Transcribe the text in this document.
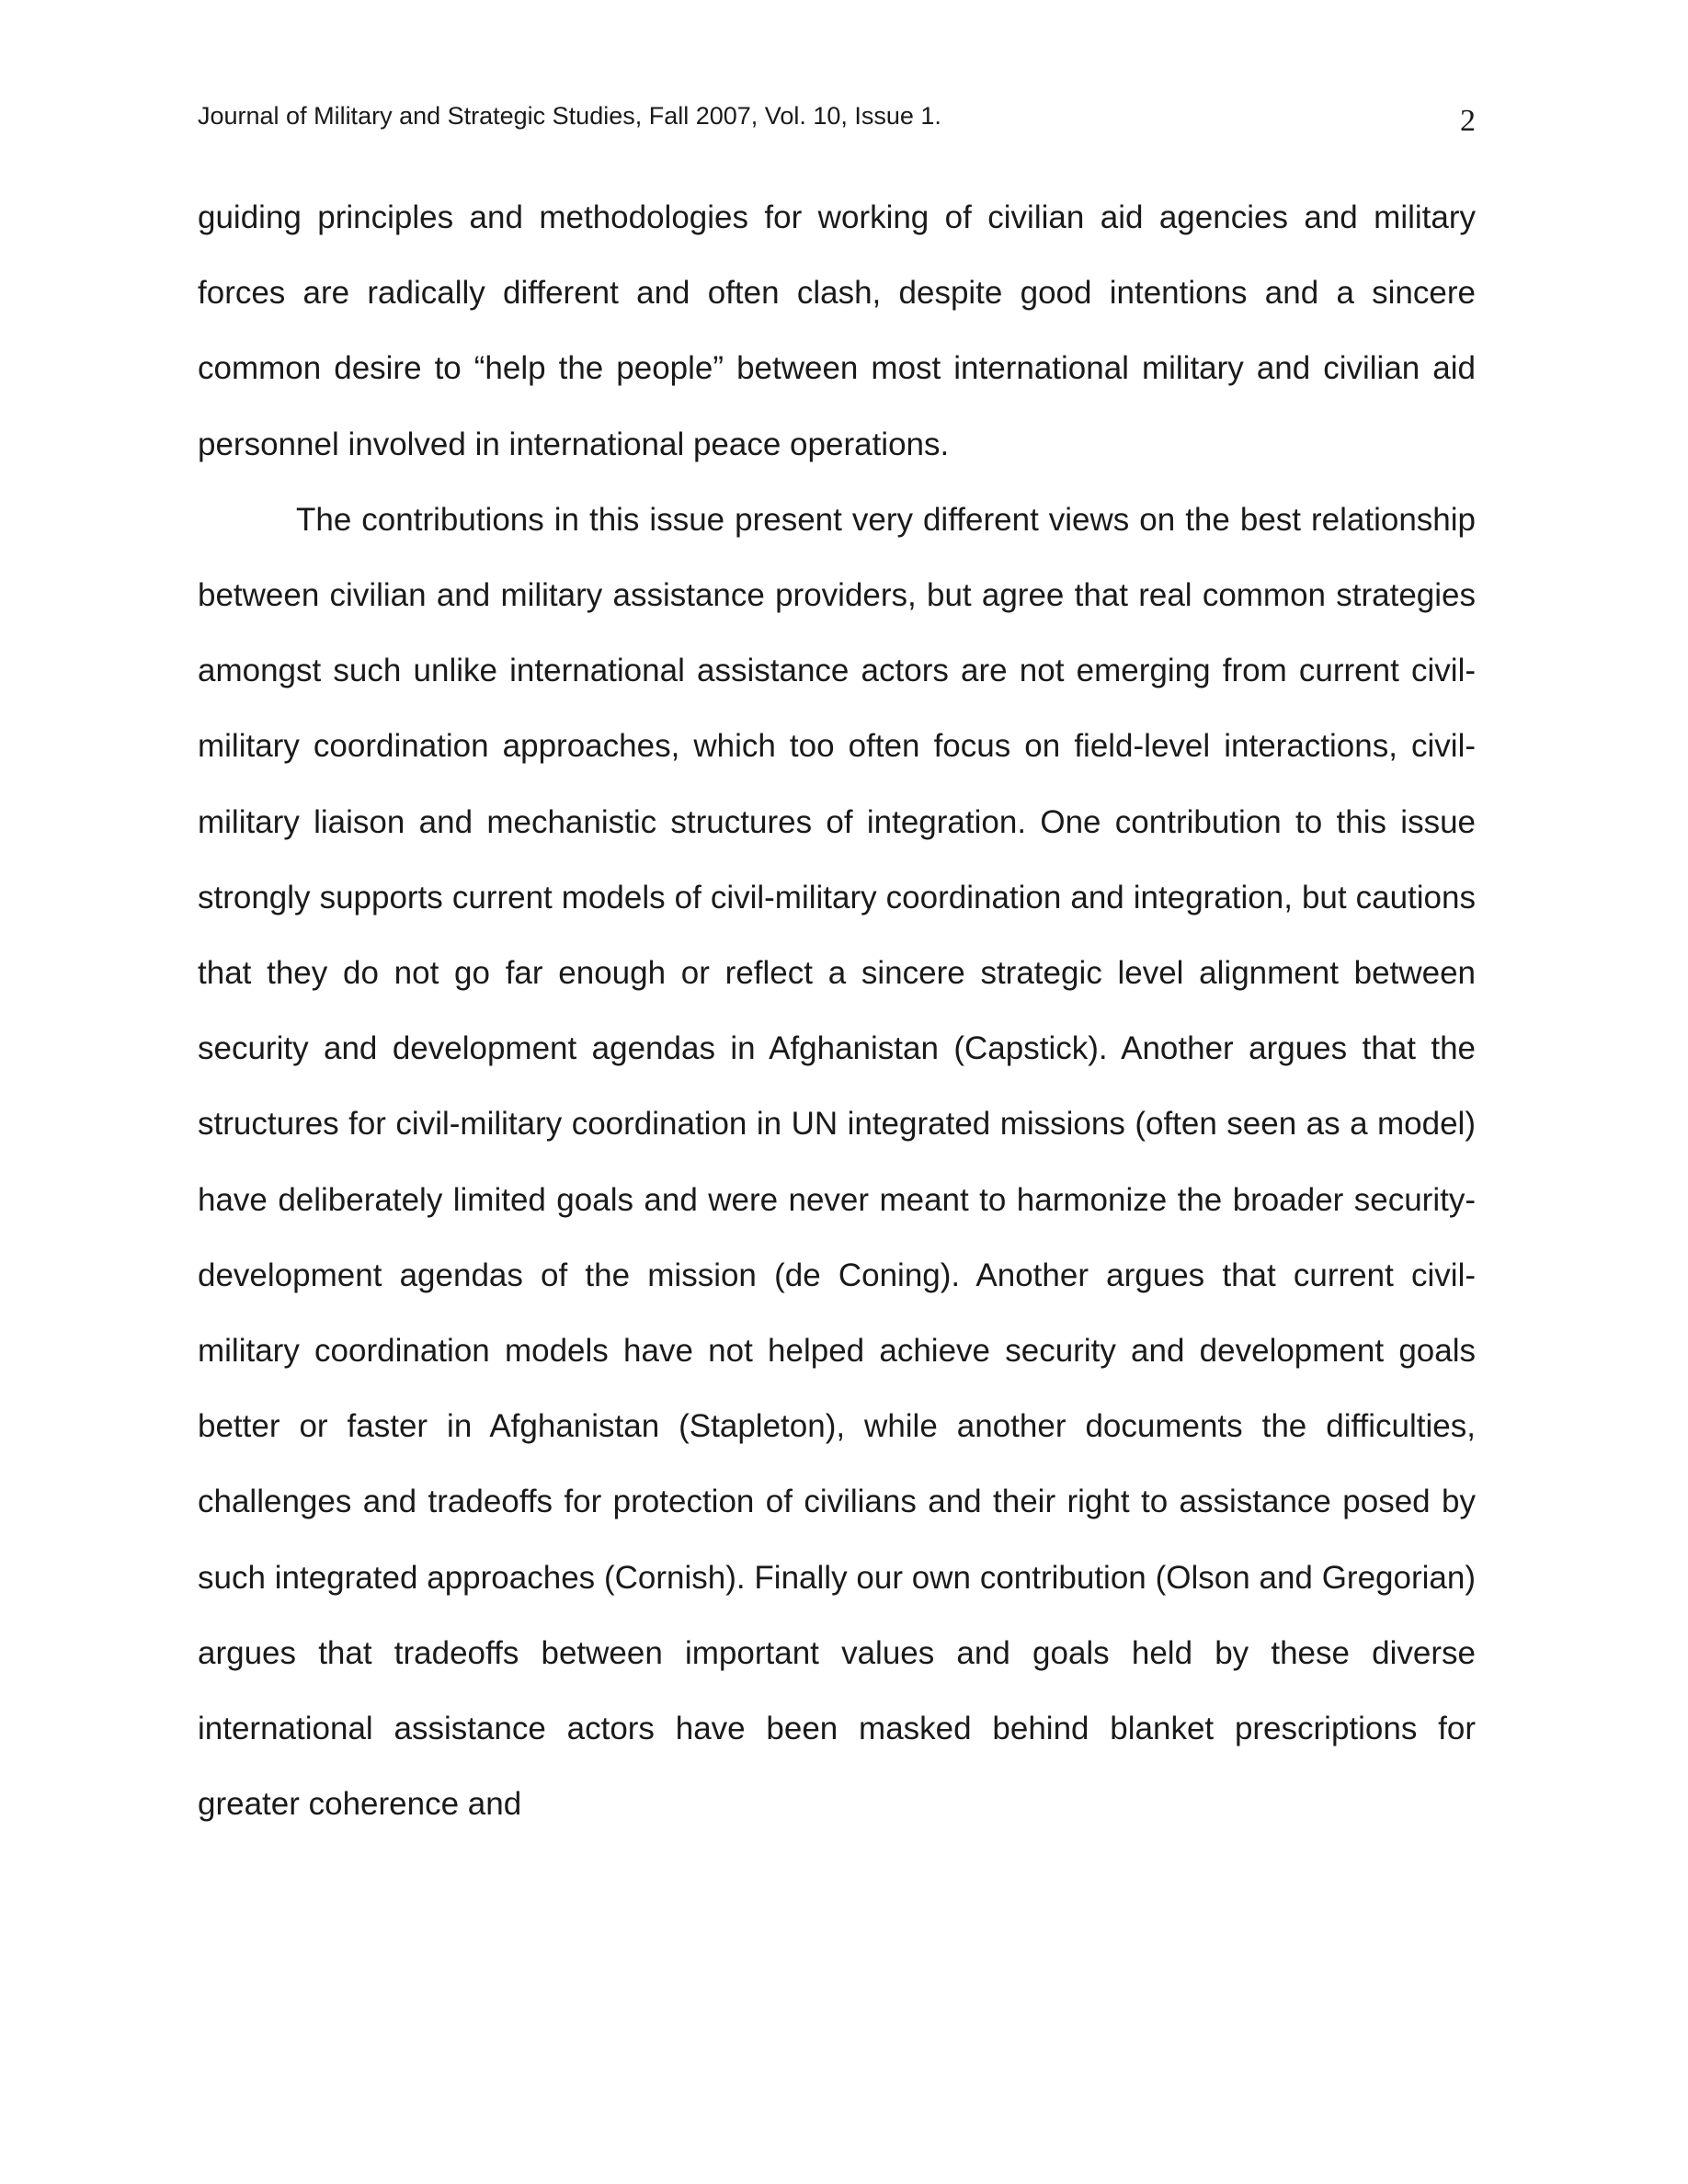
Journal of Military and Strategic Studies, Fall 2007, Vol. 10, Issue 1.	2

guiding principles and methodologies for working of civilian aid agencies and military forces are radically different and often clash, despite good intentions and a sincere common desire to “help the people” between most international military and civilian aid personnel involved in international peace operations.

The contributions in this issue present very different views on the best relationship between civilian and military assistance providers, but agree that real common strategies amongst such unlike international assistance actors are not emerging from current civil-military coordination approaches, which too often focus on field-level interactions, civil-military liaison and mechanistic structures of integration. One contribution to this issue strongly supports current models of civil-military coordination and integration, but cautions that they do not go far enough or reflect a sincere strategic level alignment between security and development agendas in Afghanistan (Capstick). Another argues that the structures for civil-military coordination in UN integrated missions (often seen as a model) have deliberately limited goals and were never meant to harmonize the broader security-development agendas of the mission (de Coning). Another argues that current civil-military coordination models have not helped achieve security and development goals better or faster in Afghanistan (Stapleton), while another documents the difficulties, challenges and tradeoffs for protection of civilians and their right to assistance posed by such integrated approaches (Cornish). Finally our own contribution (Olson and Gregorian) argues that tradeoffs between important values and goals held by these diverse international assistance actors have been masked behind blanket prescriptions for greater coherence and
